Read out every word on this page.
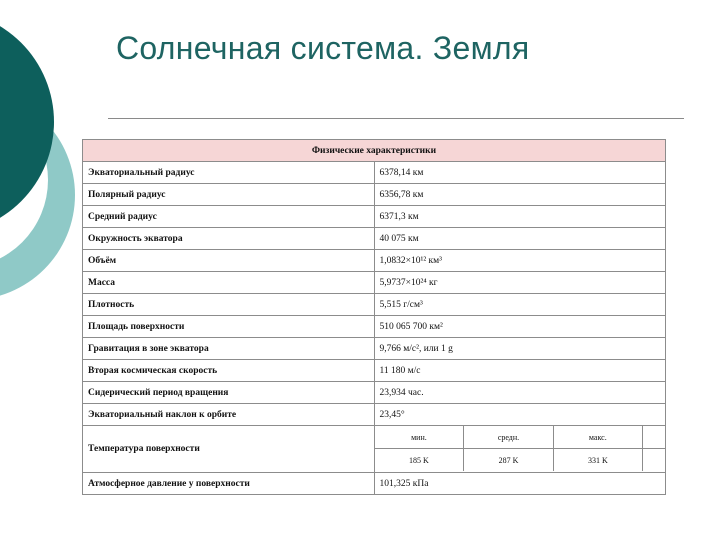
Солнечная система. Земля
Физические характеристики
Экваториальный радиус	6378,14 км
Полярный радиус	6356,78 км
Средний радиус	6371,3 км
Окружность экватора	40 075 км
Объём	1,0832×10¹² км³
Масса	5,9737×10²⁴ кг
Плотность	5,515 г/см³
Площадь поверхности	510 065 700 км²
Гравитация в зоне экватора	9,766 м/с², или 1 g
Вторая космическая скорость	11 180 м/с
Сидерический период вращения	23,934 час.
Экваториальный наклон к орбите	23,45°
Температура поверхности	
мин.	средн.	макс.	
185 K	287 K	331 K	

Атмосферное давление у поверхности	101,325 кПа
